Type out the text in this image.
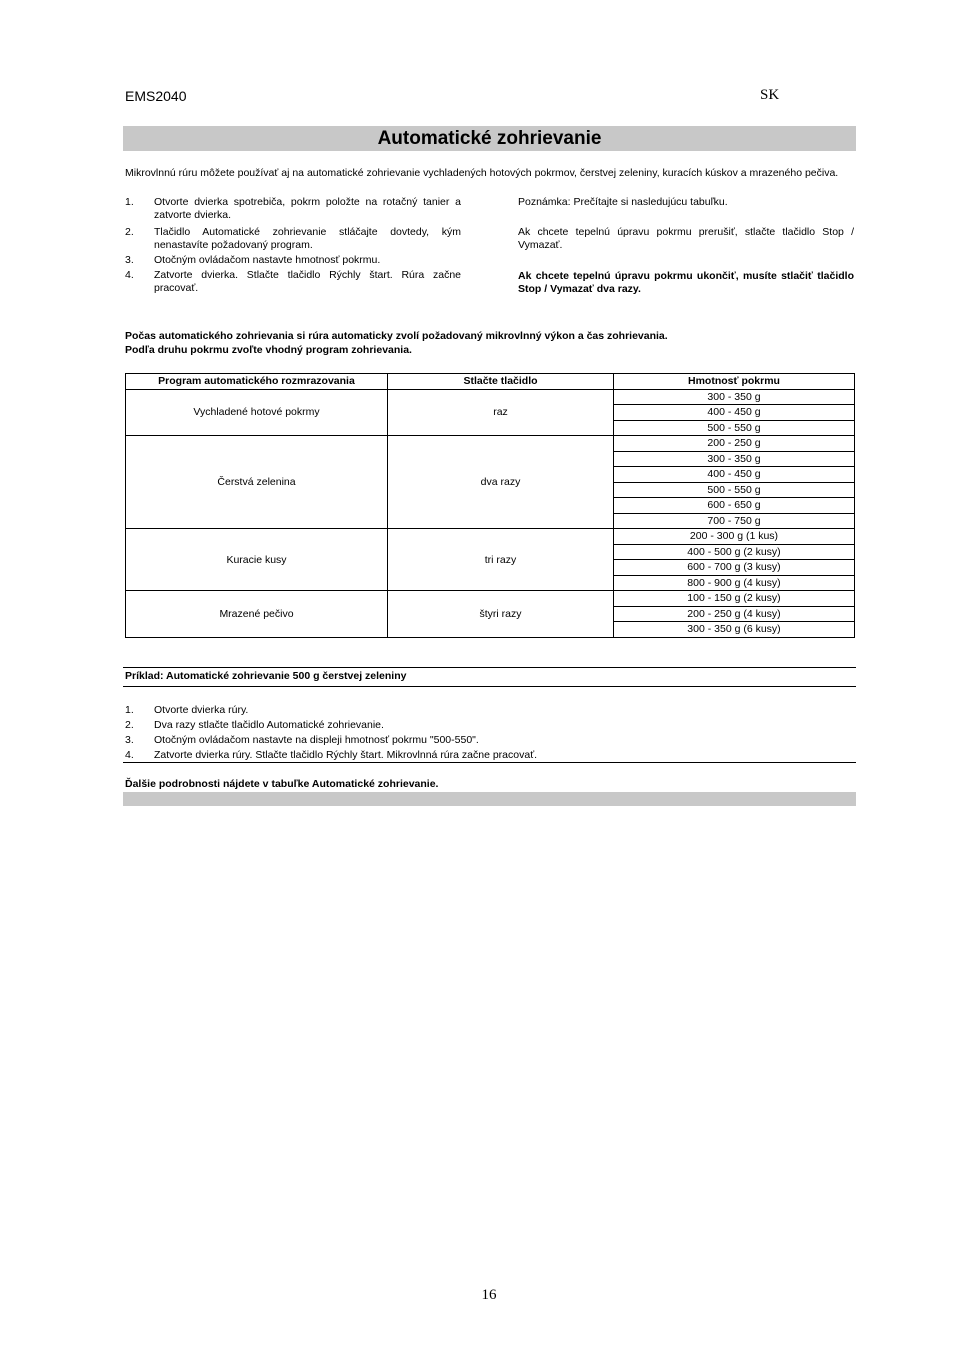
EMS2040	SK
Automatické zohrievanie
Mikrovlnnú rúru môžete používať aj na automatické zohrievanie vychladených hotových pokrmov, čerstvej zeleniny, kuracích kúskov a mrazeného pečiva.
1.	Otvorte dvierka spotrebiča, pokrm položte na rotačný tanier a zatvorte dvierka.
2.	Tlačidlo Automatické zohrievanie stláčajte dovtedy, kým nenastavíte požadovaný program.
3.	Otočným ovládačom nastavte hmotnosť pokrmu.
4.	Zatvorte dvierka. Stlačte tlačidlo Rýchly štart. Rúra začne pracovať.
Poznámka: Prečítajte si nasledujúcu tabuľku.
Ak chcete tepelnú úpravu pokrmu prerušiť, stlačte tlačidlo Stop / Vymazať.
Ak chcete tepelnú úpravu pokrmu ukončiť, musíte stlačiť tlačidlo Stop / Vymazať dva razy.
Počas automatického zohrievania si rúra automaticky zvolí požadovaný mikrovlnný výkon a čas zohrievania.
Podľa druhu pokrmu zvoľte vhodný program zohrievania.
Program automatického rozmrazovania	Stlačte tlačidlo	Hmotnosť pokrmu
Vychladené hotové pokrmy	raz	300 - 350 g
		400 - 450 g
		500 - 550 g
Čerstvá zelenina	dva razy	200 - 250 g
		300 - 350 g
		400 - 450 g
		500 - 550 g
		600 - 650 g
		700 - 750 g
Kuracie kusy	tri razy	200 - 300 g (1 kus)
		400 - 500 g (2 kusy)
		600 - 700 g (3 kusy)
		800 - 900 g (4 kusy)
Mrazené pečivo	štyri razy	100 - 150 g (2 kusy)
		200 - 250 g (4 kusy)
		300 - 350 g (6 kusy)
Príklad: Automatické zohrievanie 500 g čerstvej zeleniny
1.	Otvorte dvierka rúry.
2.	Dva razy stlačte tlačidlo Automatické zohrievanie.
3.	Otočným ovládačom nastavte na displeji hmotnosť pokrmu "500-550".
4.	Zatvorte dvierka rúry. Stlačte tlačidlo Rýchly štart. Mikrovlnná rúra začne pracovať.
Ďalšie podrobnosti nájdete v tabuľke Automatické zohrievanie.
16
